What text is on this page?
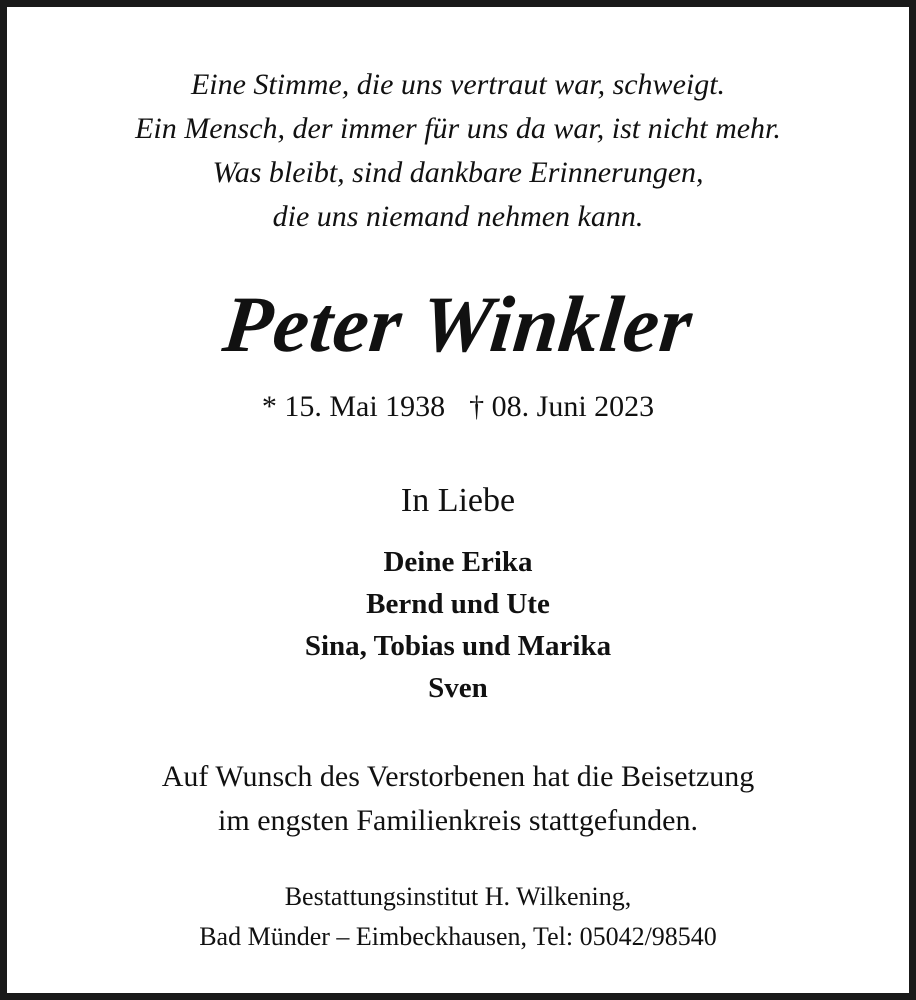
Eine Stimme, die uns vertraut war, schweigt.
Ein Mensch, der immer für uns da war, ist nicht mehr.
Was bleibt, sind dankbare Erinnerungen,
die uns niemand nehmen kann.
Peter Winkler
* 15. Mai 1938 † 08. Juni 2023
In Liebe
Deine Erika
Bernd und Ute
Sina, Tobias und Marika
Sven
Auf Wunsch des Verstorbenen hat die Beisetzung
im engsten Familienkreis stattgefunden.
Bestattungsinstitut H. Wilkening,
Bad Münder – Eimbeckhausen, Tel: 05042/98540
